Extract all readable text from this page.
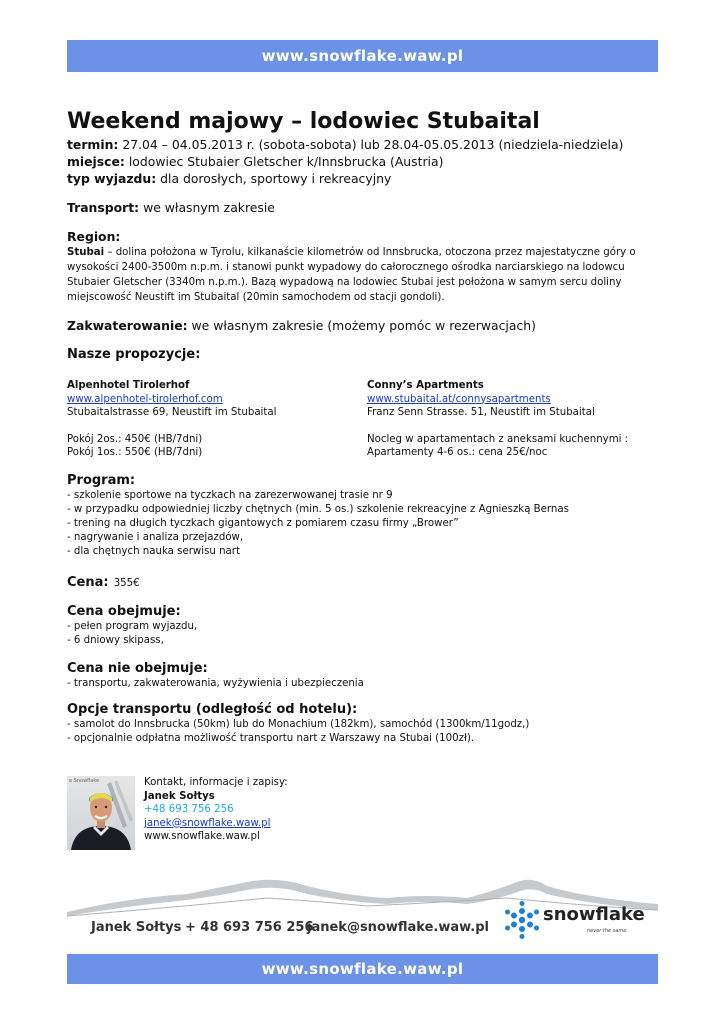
www.snowflake.waw.pl
Weekend majowy – lodowiec Stubaital
termin: 27.04 – 04.05.2013 r. (sobota-sobota) lub 28.04-05.05.2013 (niedziela-niedziela)
miejsce: lodowiec Stubaier Gletscher k/Innsbrucka (Austria)
typ wyjazdu: dla dorosłych, sportowy i rekreacyjny
Transport: we własnym zakresie
Region:
Stubai – dolina położona w Tyrolu, kilkanaście kilometrów od Innsbrucka, otoczona przez majestatyczne góry o wysokości 2400-3500m n.p.m. i stanowi punkt wypadowy do całorocznego ośrodka narciarskiego na lodowcu Stubaier Gletscher (3340m n.p.m.). Bazą wypadową na lodowiec Stubai jest położona w samym sercu doliny miejscowość Neustift im Stubaital (20min samochodem od stacji gondoli).
Zakwaterowanie: we własnym zakresie (możemy pomóc w rezerwacjach)
Nasze propozycje:
Alpenhotel Tirolerhof
www.alpenhotel-tirolerhof.com
Stubaitalstrasse 69, Neustift im Stubaital
Pokój 2os.: 450€ (HB/7dni)
Pokój 1os.: 550€ (HB/7dni)
Conny’s Apartments
www.stubaital.at/connysapartments
Franz Senn Strasse. 51, Neustift im Stubaital
Nocleg w apartamentach z aneksami kuchennymi :
Apartamenty 4-6 os.: cena 25€/noc
Program:
- szkolenie sportowe na tyczkach na zarezerwowanej trasie nr 9
- w przypadku odpowiedniej liczby chętnych (min. 5 os.) szkolenie rekreacyjne z Agnieszką Bernas
- trening na długich tyczkach gigantowych z pomiarem czasu firmy „Brower”
- nagrywanie i analiza przejazdów,
- dla chętnych nauka serwisu nart
Cena: 355€
Cena obejmuje:
- pełen program wyjazdu,
- 6 dniowy skipass,
Cena nie obejmuje:
- transportu, zakwaterowania, wyżywienia i ubezpieczenia
Opcje transportu (odległość od hotelu):
- samolot do Innsbrucka (50km) lub do Monachium (182km), samochód (1300km/11godz,)
- opcjonalnie odpłatna możliwość transportu nart z Warszawy na Stubai (100zł).
e Snowflake	Kontakt, informacje i zapisy:
Janek Sołtys
+48 693 756 256
janek@snowflake.waw.pl
www.snowflake.waw.pl
Janek Sołtys + 48 693 756 256
janek@snowflake.waw.pl
snowflake
never the same
www.snowflake.waw.pl
